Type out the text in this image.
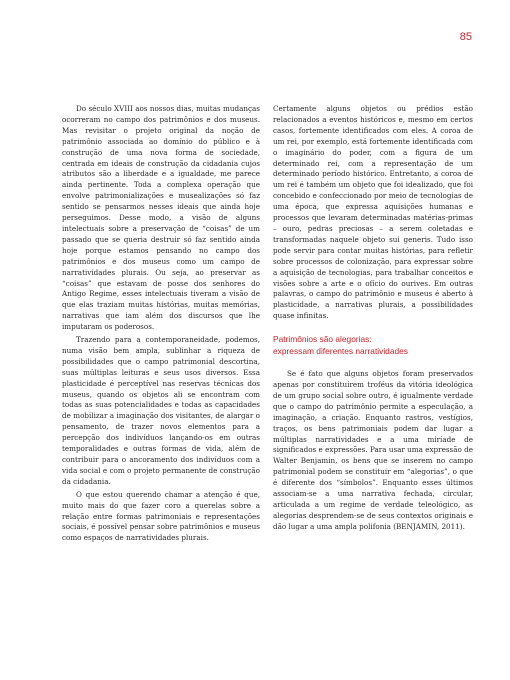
85

Do século XVIII aos nossos dias, muitas mudanças ocorreram no campo dos patrimônios e dos museus. Mas revisitar o projeto original da noção de patrimônio associada ao domínio do público e à construção de uma nova forma de sociedade, centrada em ideais de construção da cidadania cujos atributos são a liberdade e a igualdade, me parece ainda pertinente. Toda a complexa operação que envolve patrimonializações e musealizações só faz sentido se pensarmos nesses ideais que ainda hoje perseguimos. Desse modo, a visão de alguns intelectuais sobre a preservação de “coisas” de um passado que se queria destruir só faz sentido ainda hoje porque estamos pensando no campo dos patrimônios e dos museus como um campo de narratividades plurais. Ou seja, ao preservar as “coisas” que estavam de posse dos senhores do Antigo Regime, esses intelectuais tiveram a visão de que elas traziam muitas histórias, muitas memórias, narrativas que iam além dos discursos que lhe imputaram os poderosos.

Trazendo para a contemporaneidade, podemos, numa visão bem ampla, sublinhar a riqueza de possibilidades que o campo patrimonial descortina, suas múltiplas leituras e seus usos diversos. Essa plasticidade é perceptível nas reservas técnicas dos museus, quando os objetos ali se encontram com todas as suas potencialidades e todas as capacidades de mobilizar a imaginação dos visitantes, de alargar o pensamento, de trazer novos elementos para a percepção dos indivíduos lançando-os em outras temporalidades e outras formas de vida, além de contribuir para o ancoramento dos indivíduos com a vida social e com o projeto permanente de construção da cidadania.

O que estou querendo chamar a atenção é que, muito mais do que fazer coro a querelas sobre a relação entre formas patrimoniais e representações sociais, é possível pensar sobre patrimônios e museus como espaços de narratividades plurais.

Certamente alguns objetos ou prédios estão relacionados a eventos históricos e, mesmo em certos casos, fortemente identificados com eles. A coroa de um rei, por exemplo, está fortemente identificada com o imaginário do poder, com a figura de um determinado rei, com a representação de um determinado período histórico. Entretanto, a coroa de um rei é também um objeto que foi idealizado, que foi concebido e confeccionado por meio de tecnologias de uma época, que expressa aquisições humanas e processos que levaram determinadas matérias-primas – ouro, pedras preciosas – a serem coletadas e transformadas naquele objeto sui generis. Tudo isso pode servir para contar muitas histórias, para refletir sobre processos de colonização, para expressar sobre a aquisição de tecnologias, para trabalhar conceitos e visões sobre a arte e o ofício do ourives. Em outras palavras, o campo do patrimônio e museus é aberto à plasticidade, a narrativas plurais, a possibilidades quase infinitas.

Patrimônios são alegorias:
expressam diferentes narratividades

Se é fato que alguns objetos foram preservados apenas por constituírem troféus da vitória ideológica de um grupo social sobre outro, é igualmente verdade que o campo do patrimônio permite a especulação, a imaginação, a criação. Enquanto rastros, vestígios, traços, os bens patrimoniais podem dar lugar a múltiplas narratividades e a uma miríade de significados e expressões. Para usar uma expressão de Walter Benjamin, os bens que se inserem no campo patrimonial podem se constituir em “alegorias”, o que é diferente dos “símbolos”. Enquanto esses últimos associam-se a uma narrativa fechada, circular, articulada a um regime de verdade teleológico, as alegorias desprendem-se de seus contextos originais e dão lugar a uma ampla polifonia (BENJAMIN, 2011).
